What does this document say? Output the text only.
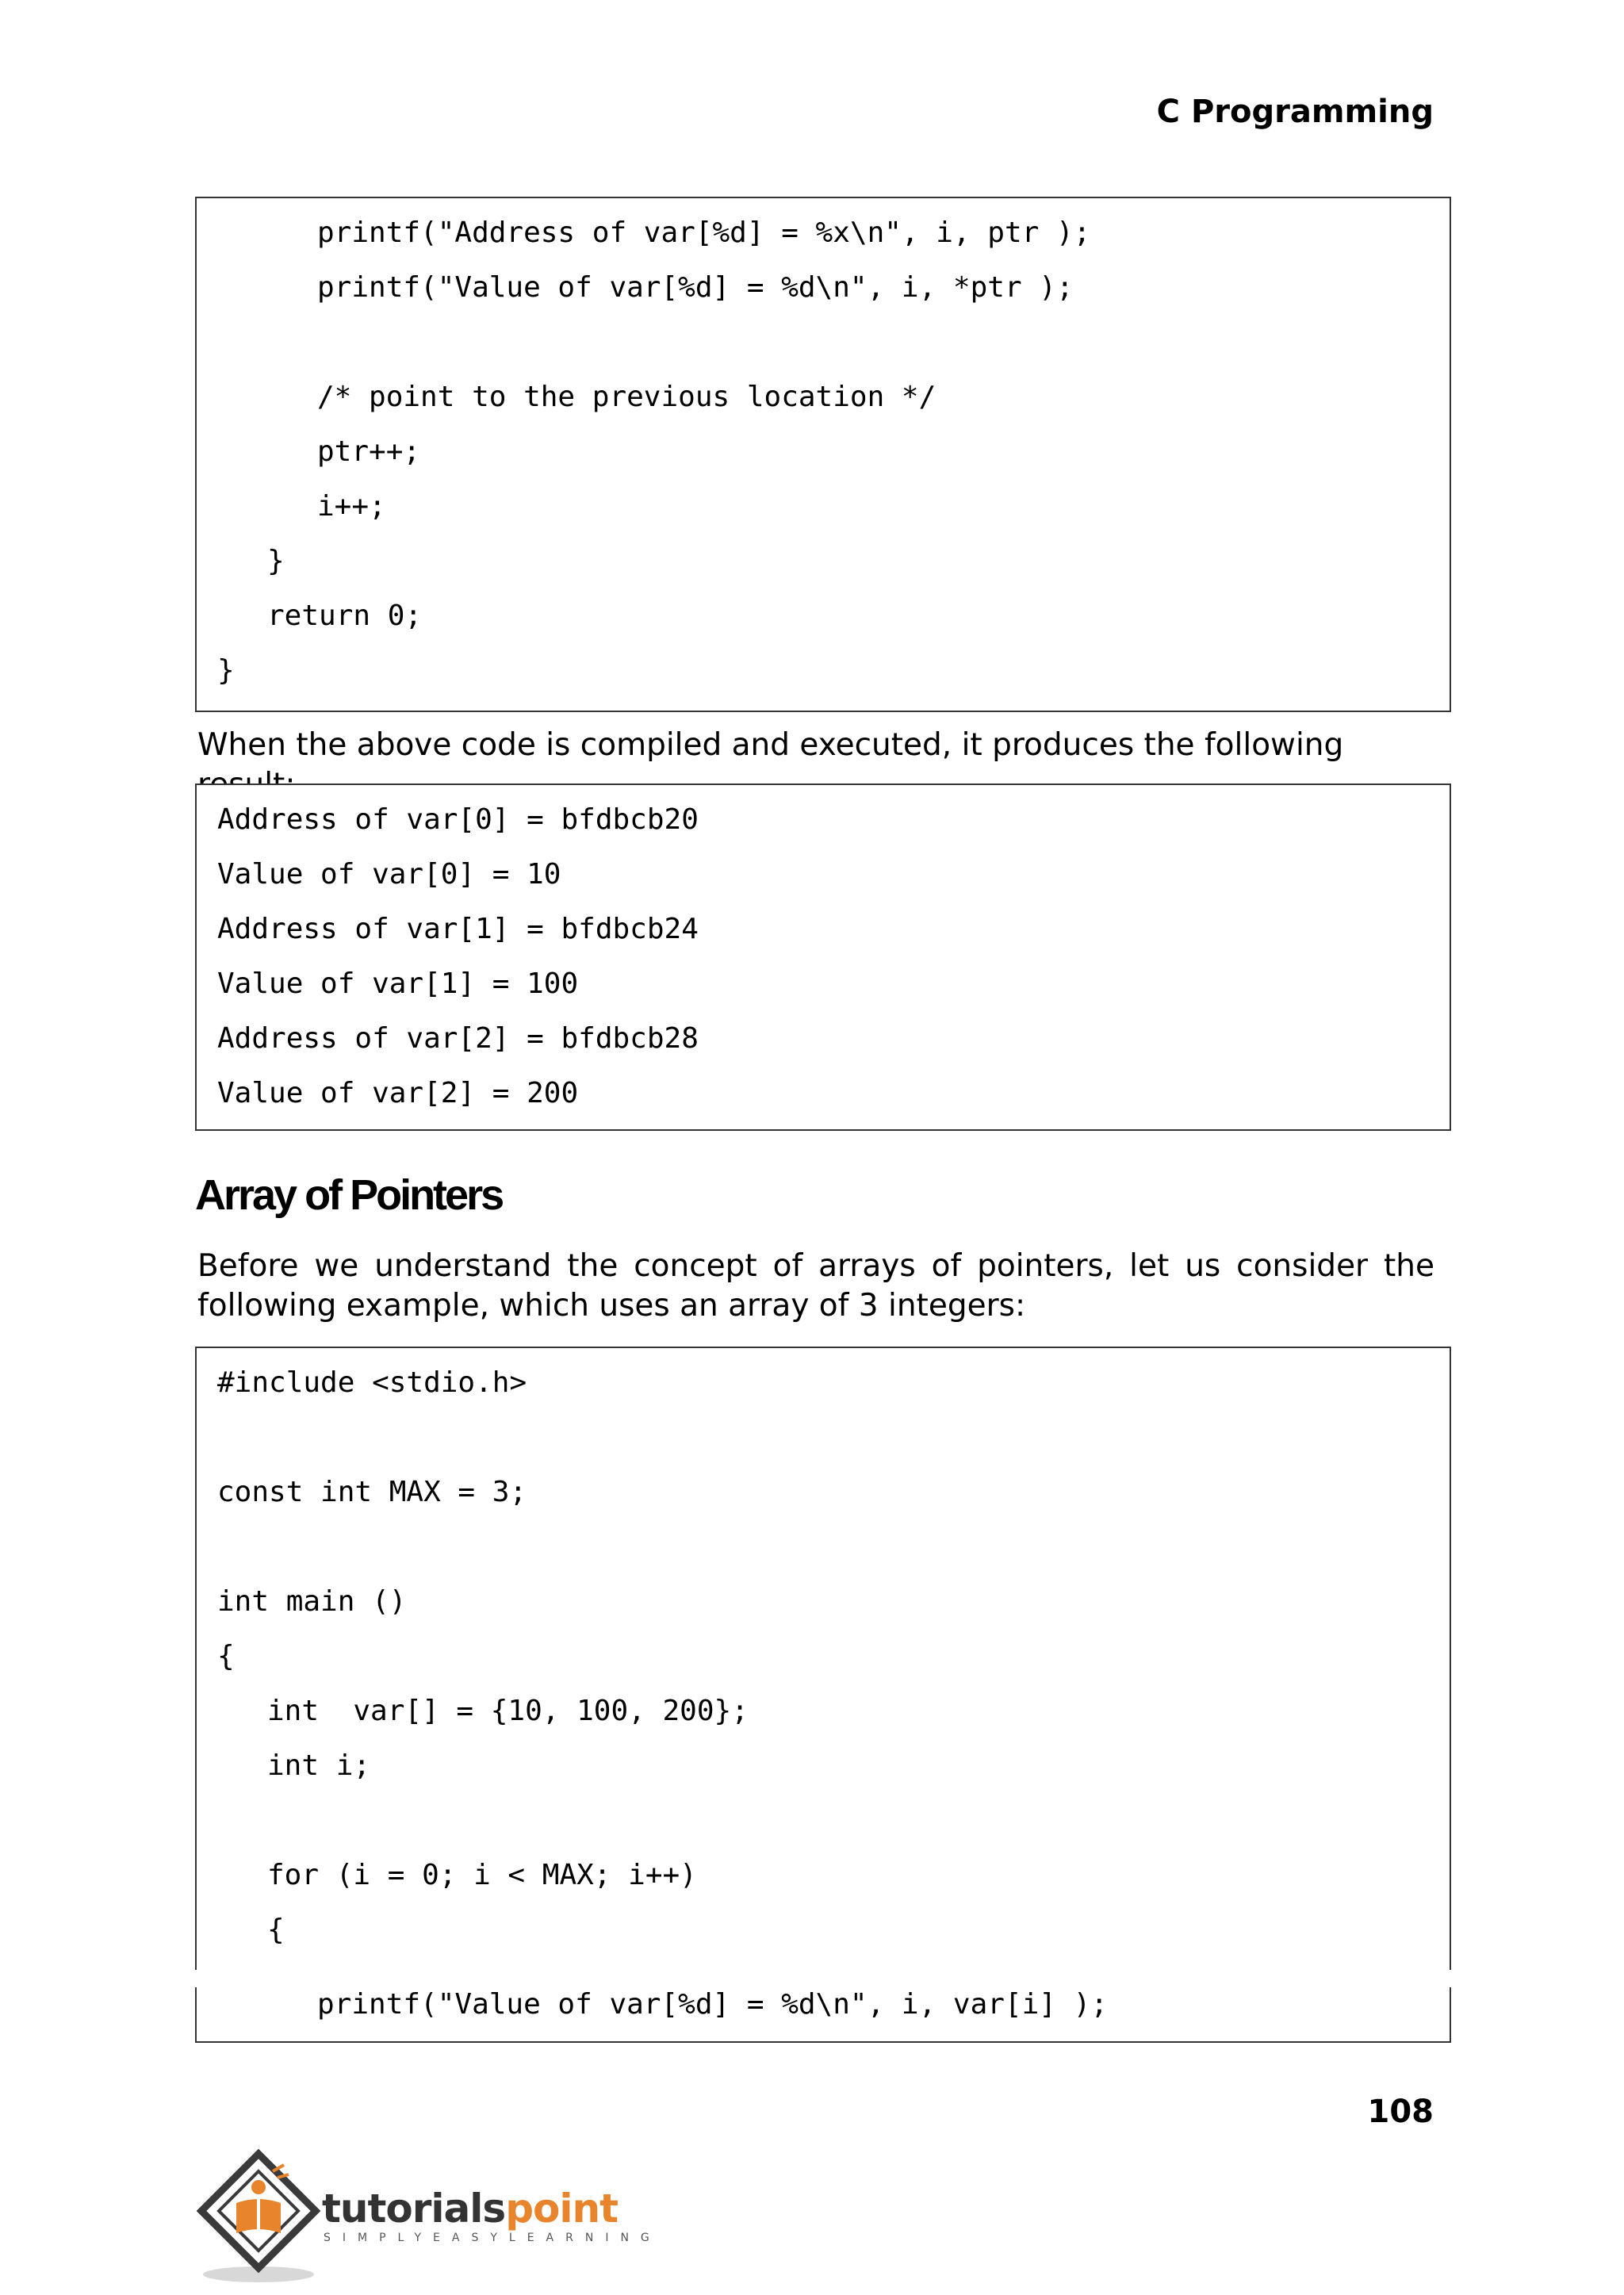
C Programming
printf("Address of var[%d] = %x\n", i, ptr );
printf("Value of var[%d] = %d\n", i, *ptr );
/* point to the previous location */
ptr++;
i++;
}
return 0;
}

When the above code is compiled and executed, it produces the following

Address of var[0] = bfdbcb20
Value of var[0] = 10
Address of var[1] = bfdbcb24
Value of var[1] = 100
Address of var[2] = bfdbcb28
Value of var[2] = 200
Array of Pointers

Before we understand the concept of arrays of pointers, let us consider the following example, which uses an array of 3 integers:

#include <stdio.h>
const int MAX = 3;
int main ()
{
int  var[] = {10, 100, 200};
int i;
for (i = 0; i < MAX; i++)
{
printf("Value of var[%d] = %d\n", i, var[i] );
108
tutorialspoint
SIMPLYEASYLEARNING
